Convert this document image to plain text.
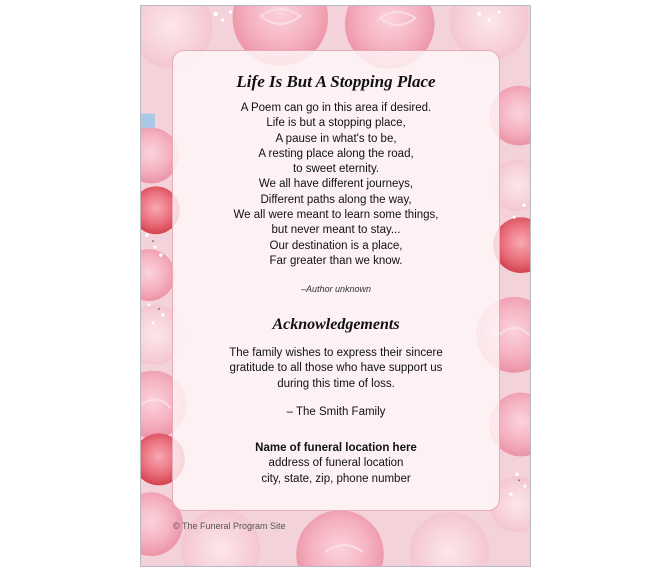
Life Is But A Stopping Place
A Poem can go in this area if desired.
Life is but a stopping place,
A pause in what's to be,
A resting place along the road,
to sweet eternity.
We all have different journeys,
Different paths along the way,
We all were meant to learn some things,
but never meant to stay...
Our destination is a place,
Far greater than we know.
–Author unknown
Acknowledgements
The family wishes to express their sincere
gratitude to all those who have support us
during this time of loss.
– The Smith Family
Name of funeral location here
address of funeral location
city, state, zip, phone number
© The Funeral Program Site
